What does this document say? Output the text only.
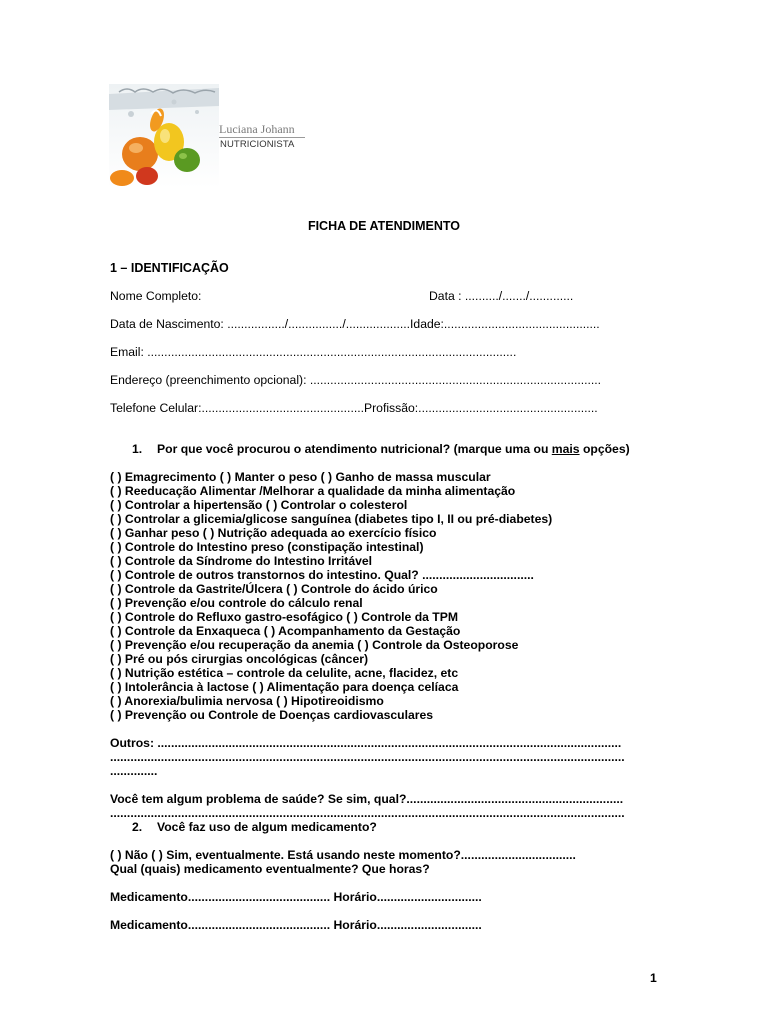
Luciana Johann
NUTRICIONISTA
FICHA DE ATENDIMENTO
1 – IDENTIFICAÇÃO
Nome Completo:	Data : ........../......./.............
Data de Nascimento: ................./................/...................Idade:..............................................
Email: .............................................................................................................
Endereço (preenchimento opcional): ......................................................................................
Telefone Celular:................................................Profissão:.....................................................
1. Por que você procurou o atendimento nutricional? (marque uma ou mais opções)
( ) Emagrecimento ( ) Manter o peso ( ) Ganho de massa muscular
( ) Reeducação Alimentar /Melhorar a qualidade da minha alimentação
( ) Controlar a hipertensão ( ) Controlar o colesterol
( ) Controlar a glicemia/glicose sanguínea (diabetes tipo I, II ou pré-diabetes)
( ) Ganhar peso ( ) Nutrição adequada ao exercício físico
( ) Controle do Intestino preso (constipação intestinal)
( ) Controle da Síndrome do Intestino Irritável
( ) Controle de outros transtornos do intestino. Qual? .................................
( ) Controle da Gastrite/Úlcera ( ) Controle do ácido úrico
( ) Prevenção e/ou controle do cálculo renal
( ) Controle do Refluxo gastro-esofágico ( ) Controle da TPM
( ) Controle da Enxaqueca ( ) Acompanhamento da Gestação
( ) Prevenção e/ou recuperação da anemia ( ) Controle da Osteoporose
( ) Pré ou pós cirurgias oncológicas (câncer)
( ) Nutrição estética – controle da celulite, acne, flacidez, etc
( ) Intolerância à lactose ( ) Alimentação para doença celíaca
( ) Anorexia/bulimia nervosa ( ) Hipotireoidismo
( ) Prevenção ou Controle de Doenças cardiovasculares
Outros: .........................................................................................................................................
........................................................................................................................................................
..............
Você tem algum problema de saúde? Se sim, qual?................................................................
........................................................................................................................................................
2. Você faz uso de algum medicamento?
( ) Não ( ) Sim, eventualmente. Está usando neste momento?..................................
Qual (quais) medicamento eventualmente? Que horas?
Medicamento.......................................... Horário...............................
Medicamento.......................................... Horário...............................
1
